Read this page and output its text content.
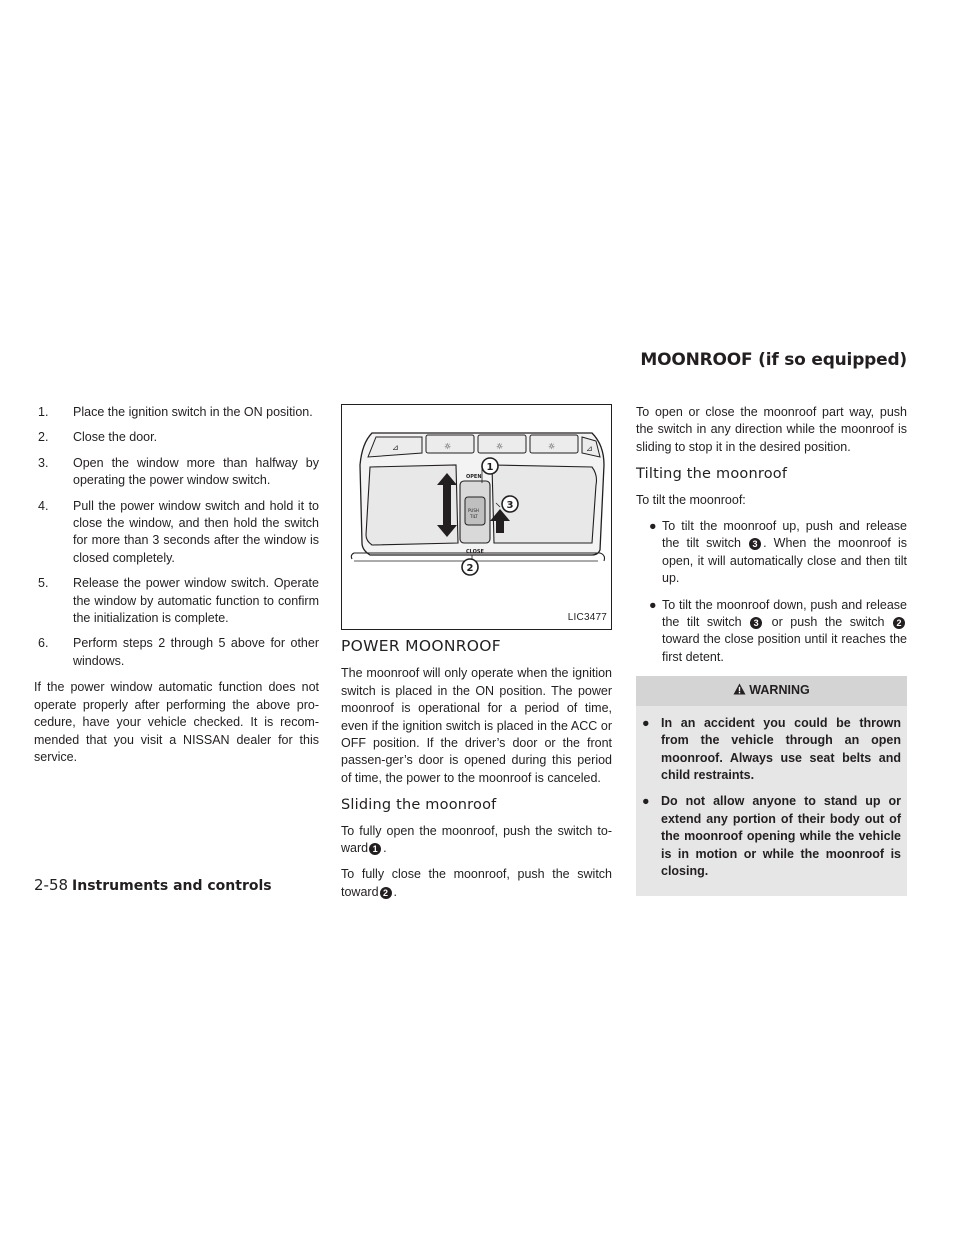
MOONROOF (if so equipped)
1. Place the ignition switch in the ON position.
2. Close the door.
3. Open the window more than halfway by operating the power window switch.
4. Pull the power window switch and hold it to close the window, and then hold the switch for more than 3 seconds after the window is closed completely.
5. Release the power window switch. Operate the window by automatic function to confirm the initialization is complete.
6. Perform steps 2 through 5 above for other windows.

If the power window automatic function does not operate properly after performing the above pro-cedure, have your vehicle checked. It is recom-mended that you visit a NISSAN dealer for this service.

⊿	☼	☼	☼	⊿
OPEN
CLOSE
PUSH
TILT
1
3
2
LIC3477
POWER MOONROOF

The moonroof will only operate when the ignition switch is placed in the ON position. The power moonroof is operational for a period of time, even if the ignition switch is placed in the ACC or OFF position. If the driver’s door or the front passen-ger’s door is opened during this period of time, the power to the moonroof is canceled.

Sliding the moonroof

To fully open the moonroof, push the switch to-ward 1 .

To fully close the moonroof, push the switch toward 2 .

To open or close the moonroof part way, push the switch in any direction while the moonroof is sliding to stop it in the desired position.

Tilting the moonroof

To tilt the moonroof:

● To tilt the moonroof up, push and release the tilt switch 3 . When the moonroof is open, it will automatically close and then tilt up.
● To tilt the moonroof down, push and release the tilt switch 3 or push the switch 2 toward the close position until it reaches the first detent.
WARNING
● In an accident you could be thrown from the vehicle through an open moonroof. Always use seat belts and child restraints.
● Do not allow anyone to stand up or extend any portion of their body out of the moonroof opening while the vehicle is in motion or while the moonroof is closing.
2-58 Instruments and controls
